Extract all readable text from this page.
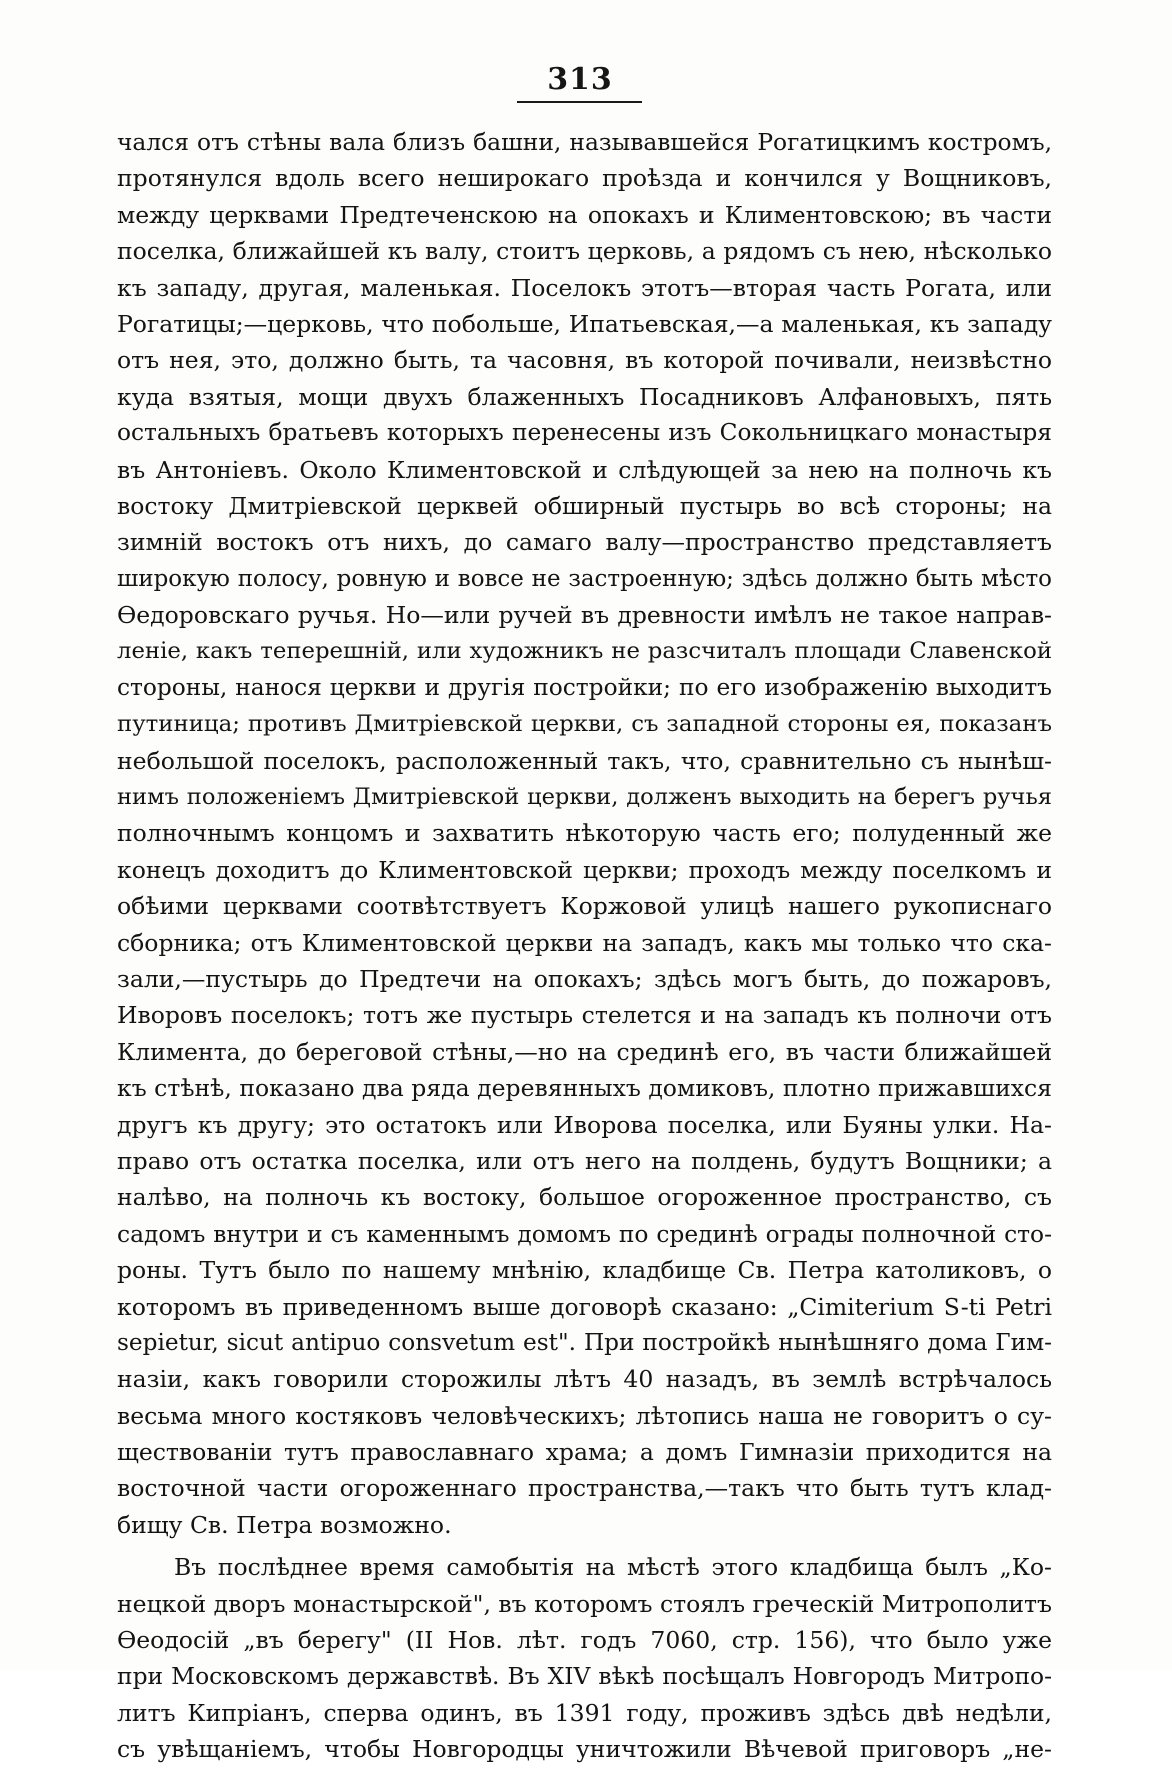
313
чался отъ стѣны вала близъ башни, называвшейся Рогатицкимъ костромъ,
протянулся вдоль всего неширокаго проѣзда и кончился у Вощниковъ,
между церквами Предтеченскою на опокахъ и Климентовскою; въ части
поселка, ближайшей къ валу, стоитъ церковь, а рядомъ съ нею, нѣсколько
къ западу, другая, маленькая. Поселокъ этотъ—вторая часть Рогата, или
Рогатицы;—церковь, что побольше, Ипатьевская,—а маленькая, къ западу
отъ нея, это, должно быть, та часовня, въ которой почивали, неизвѣстно
куда взятыя, мощи двухъ блаженныхъ Посадниковъ Алфановыхъ, пять
остальныхъ братьевъ которыхъ перенесены изъ Сокольницкаго монастыря
въ Антоніевъ. Около Климентовской и слѣдующей за нею на полночь къ
востоку Дмитріевской церквей обширный пустырь во всѣ стороны; на
зимній востокъ отъ нихъ, до самаго валу—пространство представляетъ
широкую полосу, ровную и вовсе не застроенную; здѣсь должно быть мѣсто
Ѳедоровскаго ручья. Но—или ручей въ древности имѣлъ не такое направ-
леніе, какъ теперешній, или художникъ не разсчиталъ площади Славенской
стороны, нанося церкви и другія постройки; по его изображенію выходитъ
путиница; противъ Дмитріевской церкви, съ западной стороны ея, показанъ
небольшой поселокъ, расположенный такъ, что, сравнительно съ нынѣш-
нимъ положеніемъ Дмитріевской церкви, долженъ выходить на берегъ ручья
полночнымъ концомъ и захватить нѣкоторую часть его; полуденный же
конецъ доходитъ до Климентовской церкви; проходъ между поселкомъ и
обѣими церквами соотвѣтствуетъ Коржовой улицѣ нашего рукописнаго
сборника; отъ Климентовской церкви на западъ, какъ мы только что ска-
зали,—пустырь до Предтечи на опокахъ; здѣсь могъ быть, до пожаровъ,
Иворовъ поселокъ; тотъ же пустырь стелется и на западъ къ полночи отъ
Климента, до береговой стѣны,—но на срединѣ его, въ части ближайшей
къ стѣнѣ, показано два ряда деревянныхъ домиковъ, плотно прижавшихся
другъ къ другу; это остатокъ или Иворова поселка, или Буяны улки. На-
право отъ остатка поселка, или отъ него на полдень, будутъ Вощники; а
налѣво, на полночь къ востоку, большое огороженное пространство, съ
садомъ внутри и съ каменнымъ домомъ по срединѣ ограды полночной сто-
роны. Тутъ было по нашему мнѣнію, кладбище Св. Петра католиковъ, о
которомъ въ приведенномъ выше договорѣ сказано: „Cimiterium S-ti Petri
sepietur, sicut antipuo consvetum est". При постройкѣ нынѣшняго дома Гим-
назіи, какъ говорили сторожилы лѣтъ 40 назадъ, въ землѣ встрѣчалось
весьма много костяковъ человѣческихъ; лѣтопись наша не говоритъ о су-
ществованіи тутъ православнаго храма; а домъ Гимназіи приходится на
восточной части огороженнаго пространства,—такъ что быть тутъ клад-
бищу Св. Петра возможно.
Въ послѣднее время самобытія на мѣстѣ этого кладбища былъ „Ко-
нецкой дворъ монастырской", въ которомъ стоялъ греческій Митрополитъ
Ѳеодосій „въ берегу" (II Нов. лѣт. годъ 7060, стр. 156), что было уже
при Московскомъ державствѣ. Въ XIV вѣкѣ посѣщалъ Новгородъ Митропо-
литъ Кипріанъ, сперва одинъ, въ 1391 году, проживъ здѣсь двѣ недѣли,
съ увѣщаніемъ, чтобы Новгородцы уничтожили Вѣчевой приговоръ „не-
